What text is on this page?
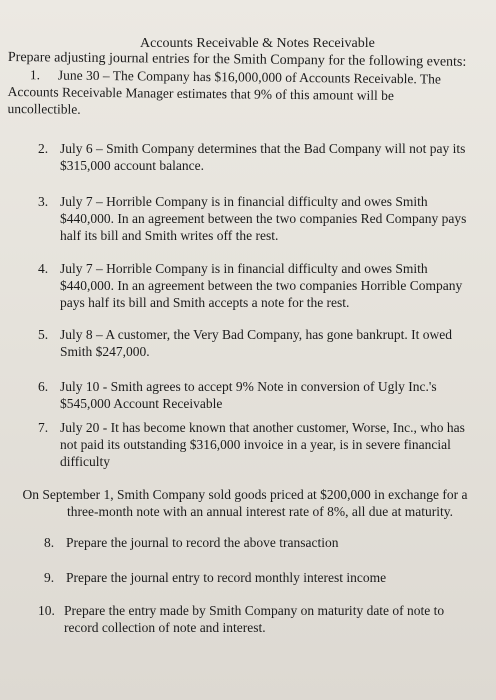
Accounts Receivable & Notes Receivable
Prepare adjusting journal entries for the Smith Company for the following events:
1. June 30 – The Company has $16,000,000 of Accounts Receivable. The
Accounts Receivable Manager estimates that 9% of this amount will be
uncollectible.
2. July 6 – Smith Company determines that the Bad Company will not pay its
$315,000 account balance.
3. July 7 – Horrible Company is in financial difficulty and owes Smith
$440,000. In an agreement between the two companies Red Company pays
half its bill and Smith writes off the rest.
4. July 7 – Horrible Company is in financial difficulty and owes Smith
$440,000. In an agreement between the two companies Horrible Company
pays half its bill and Smith accepts a note for the rest.
5. July 8 – A customer, the Very Bad Company, has gone bankrupt. It owed
Smith $247,000.
6. July 10 - Smith agrees to accept 9% Note in conversion of Ugly Inc.'s
$545,000 Account Receivable
7. July 20 - It has become known that another customer, Worse, Inc., who has
not paid its outstanding $316,000 invoice in a year, is in severe financial
difficulty
On September 1, Smith Company sold goods priced at $200,000 in exchange for a
three-month note with an annual interest rate of 8%, all due at maturity.
8. Prepare the journal to record the above transaction
9. Prepare the journal entry to record monthly interest income
10. Prepare the entry made by Smith Company on maturity date of note to
record collection of note and interest.
